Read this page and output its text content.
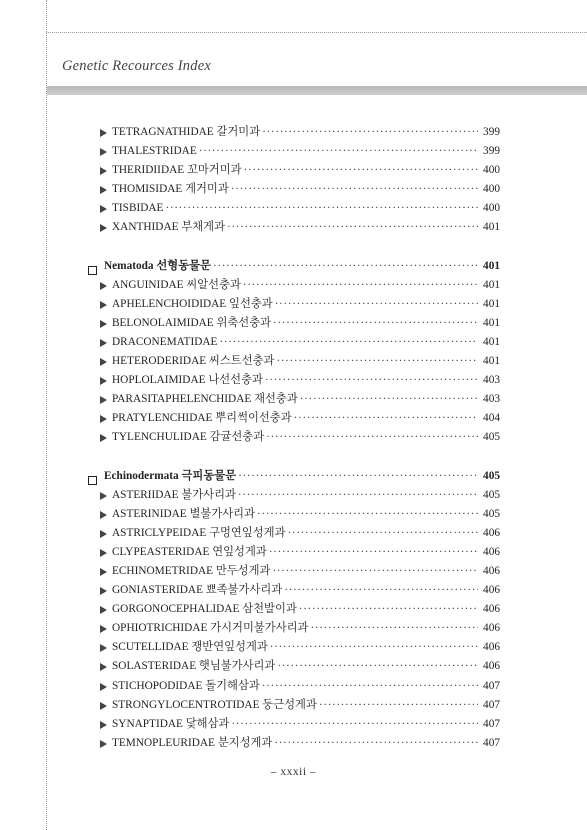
Genetic Recources Index
TETRAGNATHIDAE 갈거미과 ·····	399
THALESTRIDAE ·····	399
THERIDIIDAE 꼬마거미과 ·····	400
THOMISIDAE 게거미과 ·····	400
TISBIDAE ·····	400
XANTHIDAE 부채게과 ·····	401
Nematoda 선형동물문 ·····	401
ANGUINIDAE 씨알선충과 ·····	401
APHELENCHOIDIDAE 잎선충과 ·····	401
BELONOLAIMIDAE 위축선충과 ·····	401
DRACONEMATIDAE ·····	401
HETERODERIDAE 씨스트선충과 ·····	401
HOPLOLAIMIDAE 나선선충과 ·····	403
PARASITAPHELENCHIDAE 재선충과 ·····	403
PRATYLENCHIDAE 뿌리썩이선충과 ·····	404
TYLENCHULIDAE 감귤선충과 ·····	405
Echinodermata 극피동물문 ·····	405
ASTERIIDAE 불가사리과 ·····	405
ASTERINIDAE 별불가사리과 ·····	405
ASTRICLYPEIDAE 구멍연잎성게과 ·····	406
CLYPEASTERIDAE 연잎성게과 ·····	406
ECHINOMETRIDAE 만두성게과 ·····	406
GONIASTERIDAE 뾰족불가사리과 ·····	406
GORGONOCEPHALIDAE 삼천발이과 ·····	406
OPHIOTRICHIDAE 가시거미불가사리과 ·····	406
SCUTELLIDAE 쟁반연잎성게과 ·····	406
SOLASTERIDAE 햇님불가사리과 ·····	406
STICHOPODIDAE 돌기해삼과 ·····	407
STRONGYLOCENTROTIDAE 둥근성게과 ·····	407
SYNAPTIDAE 닻해삼과 ·····	407
TEMNOPLEURIDAE 분지성게과 ·····	407
– xxxii –
